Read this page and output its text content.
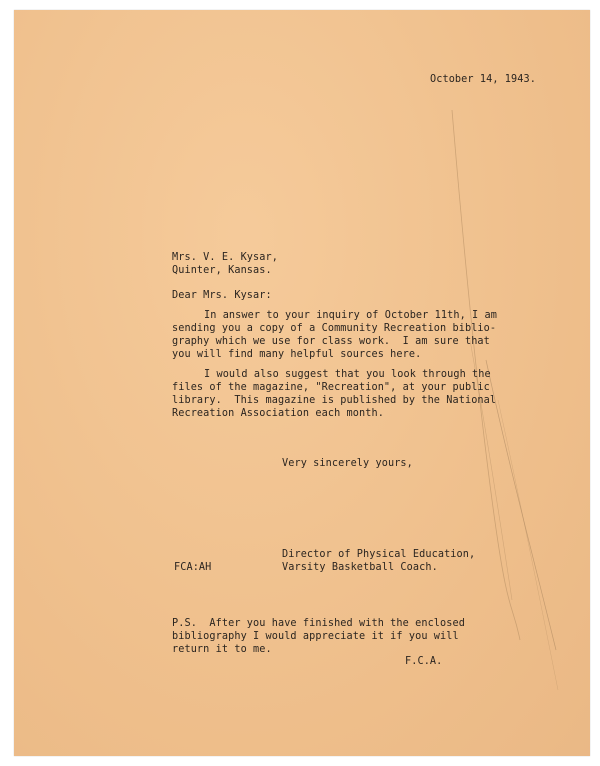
October 14, 1943.
Mrs. V. E. Kysar,
Quinter, Kansas.
Dear Mrs. Kysar:
In answer to your inquiry of October 11th, I am
sending you a copy of a Community Recreation biblio-
graphy which we use for class work.  I am sure that
you will find many helpful sources here.
I would also suggest that you look through the
files of the magazine, "Recreation", at your public
library.  This magazine is published by the National
Recreation Association each month.
Very sincerely yours,
Director of Physical Education,
FCA:AH	Varsity Basketball Coach.
P.S.  After you have finished with the enclosed
bibliography I would appreciate it if you will
return it to me.
F.C.A.
